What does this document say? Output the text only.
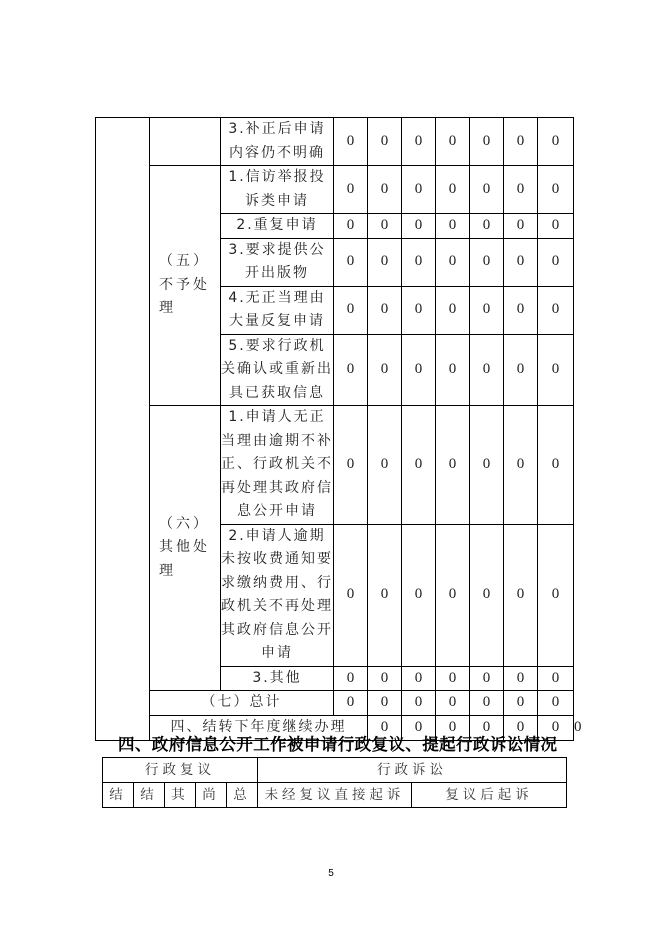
		3.补正后申请内容仍不明确	0	0	0	0	0	0	0	
	（五）不予处理	1.信访举报投诉类申请	0	0	0	0	0	0	0	
		2.重复申请	0	0	0	0	0	0	0	
		3.要求提供公开出版物	0	0	0	0	0	0	0	
		4.无正当理由大量反复申请	0	0	0	0	0	0	0	
		5.要求行政机关确认或重新出具已获取信息	0	0	0	0	0	0	0	
	（六）其他处理	1.申请人无正当理由逾期不补正、行政机关不再处理其政府信息公开申请	0	0	0	0	0	0	0	
		2.申请人逾期未按收费通知要求缴纳费用、行政机关不再处理其政府信息公开申请	0	0	0	0	0	0	0	
		3.其他	0	0	0	0	0	0	0	
	（七）总计		0	0	0	0	0	0	0	
	四、结转下年度继续办理			0	0	0	0	0	0	0
四、政府信息公开工作被申请行政复议、提起行政诉讼情况
行政复议					行政诉讼	
结	结	其	尚	总	未经复议直接起诉	复议后起诉
5
